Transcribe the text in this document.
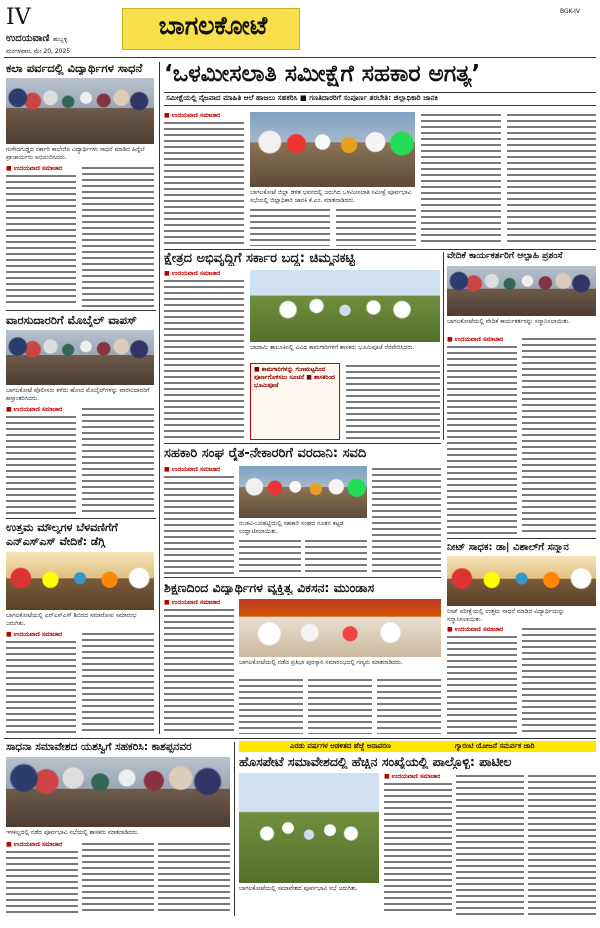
IV
ಉದಯವಾಣಿ ಹುಬ್ಬಳ್ಳಿ
ಮಂಗಳವಾರ, ಮೇ 20, 2025
ಬಾಗಲಕೋಟೆ	BGK-IV
ಕಲಾ ಪರ್ವದಲ್ಲಿ ವಿದ್ಯಾರ್ಥಿಗಳ ಸಾಧನೆ
ಗುಳೇದಗುಡ್ಡದ ಸರ್ಕಾರಿ ಕಾಲೇಜಿನ ವಿದ್ಯಾರ್ಥಿಗಳು ಸಾಧನೆ ಮಾಡಿದ ಹಿನ್ನೆಲೆ ಪ್ರಾಚಾರ್ಯರು ಅಭಿನಂದಿಸಿದರು.
■ ಉದಯವಾಣಿ ಸಮಾಚಾರ
ವಾರಸುದಾರರಿಗೆ ಮೊಬೈಲ್ ವಾಪಸ್
ಬಾಗಲಕೋಟೆ ಪೊಲೀಸರು ಕಳೆದು ಹೋದ ಮೊಬೈಲ್‌ಗಳನ್ನು ವಾರಸುದಾರರಿಗೆ ಹಸ್ತಾಂತರಿಸಿದರು.
■ ಉದಯವಾಣಿ ಸಮಾಚಾರ
ಉತ್ತಮ ಮೌಲ್ಯಗಳ ಬೆಳವಣಿಗೆಗೆ
ಎನ್‌ಎಸ್‌ಎಸ್ ವೇದಿಕೆ: ಡೆಗ್ಗಿ
ಬಾಗಲಕೋಟೆಯಲ್ಲಿ ಎನ್‌ಎಸ್‌ಎಸ್ ಶಿಬಿರದ ಸಮಾರೋಪ ಸಮಾರಂಭ ಜರುಗಿತು.
■ ಉದಯವಾಣಿ ಸಮಾಚಾರ
‘ಒಳಮೀಸಲಾತಿ ಸಮೀಕ್ಷೆಗೆ ಸಹಕಾರ ಅಗತ್ಯ’
ಸಮೀಕ್ಷೆಯಲ್ಲಿ ನೈಜವಾದ ಮಾಹಿತಿ ಆಲೆ ಹಾಜಲು ಸಹಕರಿಸಿ ■ ಗಣತಿದಾರರಿಗೆ ಸಂಪೂರ್ಣ ತರಬೇತಿ: ಜಿಲ್ಲಾಧಿಕಾರಿ ಜಾನಕಿ
■ ಉದಯವಾಣಿ ಸಮಾಚಾರ
ಬಾಗಲಕೋಟೆ ಜಿಲ್ಲಾ ಡಳಿತ ಭವನದಲ್ಲಿ ಜರುಗಿದ ಒಳಮೀಸಲಾತಿ ಸಮೀಕ್ಷೆ ಪೂರ್ವಭಾವಿ ಸಭೆಯಲ್ಲಿ ಜಿಲ್ಲಾಧಿಕಾರಿ ಜಾನಕಿ ಕೆ.ಎಂ. ಮಾತನಾಡಿದರು.
ಕ್ಷೇತ್ರದ ಅಭಿವೃದ್ಧಿಗೆ ಸರ್ಕಾರ ಬದ್ಧ: ಚಿಮ್ಮನಕಟ್ಟಿ
■ ಉದಯವಾಣಿ ಸಮಾಚಾರ
ಬಾದಾಮಿ ತಾಲೂಕಿನಲ್ಲಿ ವಿವಿಧ ಕಾಮಗಾರಿಗಳಿಗೆ ಶಾಸಕರು ಭೂಮಿಪೂಜೆ ನೆರವೇರಿಸಿದರು.
■ ಕಾಮಗಾರಿಗಳನ್ನು ಗುಣಮಟ್ಟದಿಂದ ಪೂರ್ಣಗೊಳಿಸಲು ಸೂಚನೆ ■ ಶಾಸಕರಿಂದ ಭೂಮಿಪೂಜೆ
ವೇದಿಕೆ ಕಾರ್ಯಕರ್ತರಿಗೆ ಆಲ್ಪಾಹಿ ಪ್ರಶಂಸೆ
ಬಾಗಲಕೋಟೆಯಲ್ಲಿ ವೇದಿಕೆ ಕಾರ್ಯಕರ್ತರನ್ನು ಸನ್ಮಾನಿಸಲಾಯಿತು.
■ ಉದಯವಾಣಿ ಸಮಾಚಾರ
ಸಹಕಾರಿ ಸಂಘ ರೈತ-ನೇಕಾರರಿಗೆ ವರದಾನಿ: ಸವದಿ
■ ಉದಯವಾಣಿ ಸಮಾಚಾರ
ರಬಕವಿ-ಬನಹಟ್ಟಿಯಲ್ಲಿ ಸಹಕಾರಿ ಸಂಘದ ನೂತನ ಕಟ್ಟಡ ಉದ್ಘಾಟಿಸಲಾಯಿತು.
ನೀಟ್ ಸಾಧಕ: ಡಾ| ವಿಶಾಲ್‌ಗೆ ಸನ್ಮಾನ
ನೀಟ್ ಪರೀಕ್ಷೆಯಲ್ಲಿ ಉತ್ತಮ ಸಾಧನೆ ಮಾಡಿದ ವಿದ್ಯಾರ್ಥಿಯನ್ನು ಸನ್ಮಾನಿಸಲಾಯಿತು.
■ ಉದಯವಾಣಿ ಸಮಾಚಾರ
ಶಿಕ್ಷಣದಿಂದ ವಿದ್ಯಾರ್ಥಿಗಳ ವ್ಯಕ್ತಿತ್ವ ವಿಕಸನ: ಮುಂಡಾಸ
■ ಉದಯವಾಣಿ ಸಮಾಚಾರ
ಬಾಗಲಕೋಟೆಯಲ್ಲಿ ನಡೆದ ಪ್ರತಿಭಾ ಪುರಸ್ಕಾರ ಸಮಾರಂಭದಲ್ಲಿ ಗಣ್ಯರು ಮಾತನಾಡಿದರು.
ಸಾಧನಾ ಸಮಾವೇಶದ ಯಶಸ್ವಿಗೆ ಸಹಕರಿಸಿ: ಕಾಶಪ್ಪನವರ
ಇಳಕಲ್ಲದಲ್ಲಿ ನಡೆದ ಪೂರ್ವಭಾವಿ ಸಭೆಯಲ್ಲಿ ಶಾಸಕರು ಮಾತನಾಡಿದರು.
■ ಉದಯವಾಣಿ ಸಮಾಚಾರ
ಎರಡು ವರ್ಷಗಳ ಆಡಳಿತದ ಹೆಜ್ಜೆ ಅನಾವರಣ	ಗ್ಯಾರಂಟಿ ಯೋಜನೆ ಸಮರ್ಪಕ ಜಾರಿ
ಹೊಸಪೇಟೆ ಸಮಾವೇಶದಲ್ಲಿ ಹೆಚ್ಚಿನ ಸಂಖ್ಯೆಯಲ್ಲಿ ಪಾಲ್ಗೊಳ್ಳಿ: ಪಾಟೀಲ
ಬಾಗಲಕೋಟೆಯಲ್ಲಿ ಸಮಾವೇಶದ ಪೂರ್ವಭಾವಿ ಸಭೆ ಜರುಗಿತು.
■ ಉದಯವಾಣಿ ಸಮಾಚಾರ
